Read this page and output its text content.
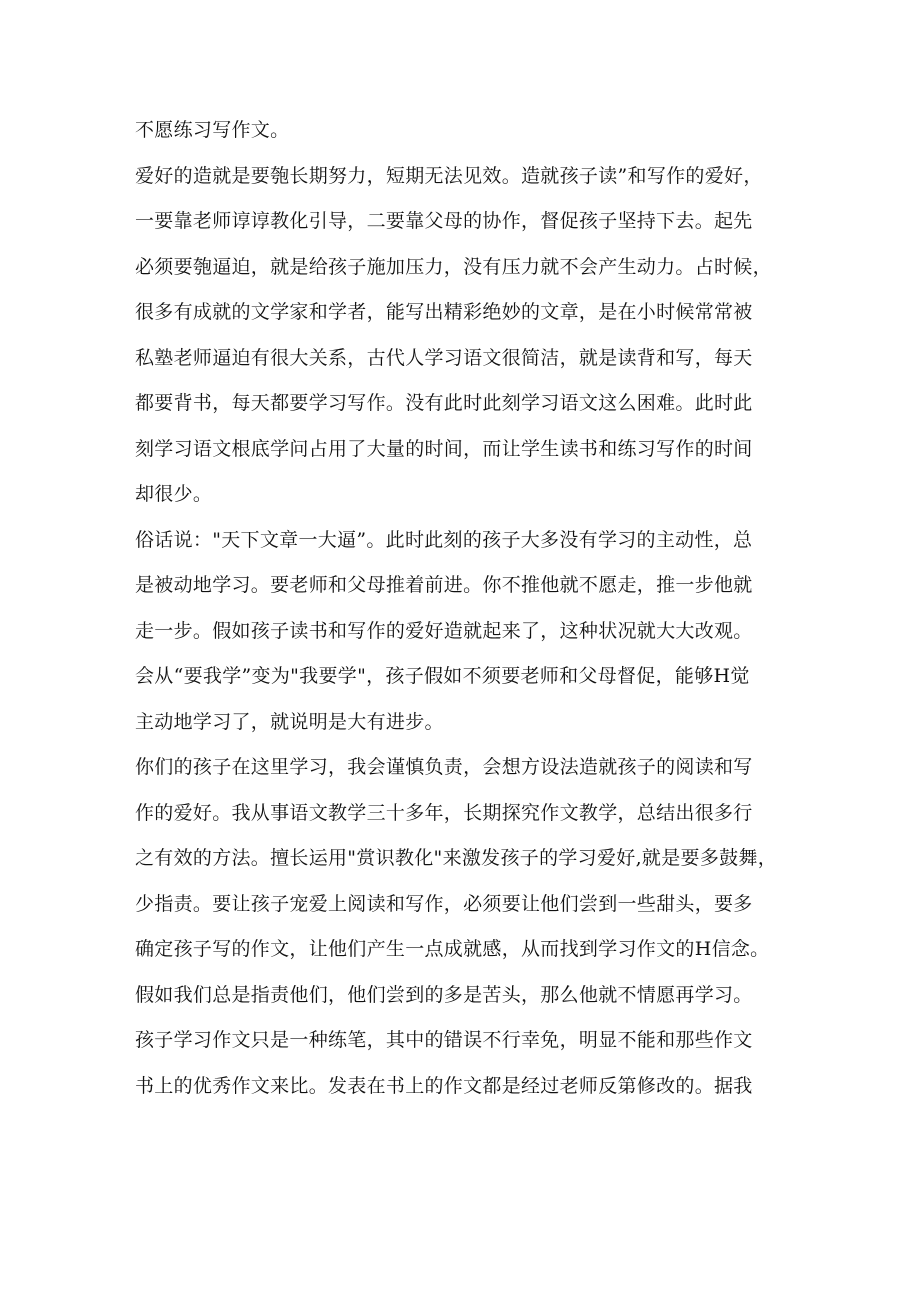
不愿练习写作文。
爱好的造就是要匏长期努力，短期无法见效。造就孩子读”和写作的爱好，
一要靠老师谆谆教化引导，二要靠父母的协作，督促孩子坚持下去。起先
必须要匏逼迫，就是给孩子施加压力，没有压力就不会产生动力。占时候，
很多有成就的文学家和学者，能写出精彩绝妙的文章，是在小时候常常被
私塾老师逼迫有很大关系，古代人学习语文很简洁，就是读背和写，每天
都要背书，每天都要学习写作。没有此时此刻学习语文这么困难。此时此
刻学习语文根底学问占用了大量的时间，而让学生读书和练习写作的时间
却很少。
俗话说："天下文章一大逼”。此时此刻的孩子大多没有学习的主动性，总
是被动地学习。要老师和父母推着前进。你不推他就不愿走，推一步他就
走一步。假如孩子读书和写作的爱好造就起来了，这种状况就大大改观。
会从“要我学”变为"我要学"，孩子假如不须要老师和父母督促，能够H觉
主动地学习了，就说明是大有进步。
你们的孩子在这里学习，我会谨慎负责，会想方设法造就孩子的阅读和写
作的爱好。我从事语文教学三十多年，长期探究作文教学，总结出很多行
之有效的方法。擅长运用"赏识教化"来激发孩子的学习爱好,就是要多鼓舞，
少指责。要让孩子宠爱上阅读和写作，必须要让他们尝到一些甜头，要多
确定孩子写的作文，让他们产生一点成就感，从而找到学习作文的H信念。
假如我们总是指责他们，他们尝到的多是苦头，那么他就不情愿再学习。
孩子学习作文只是一种练笔，其中的错误不行幸免，明显不能和那些作文
书上的优秀作文来比。发表在书上的作文都是经过老师反第修改的。据我
